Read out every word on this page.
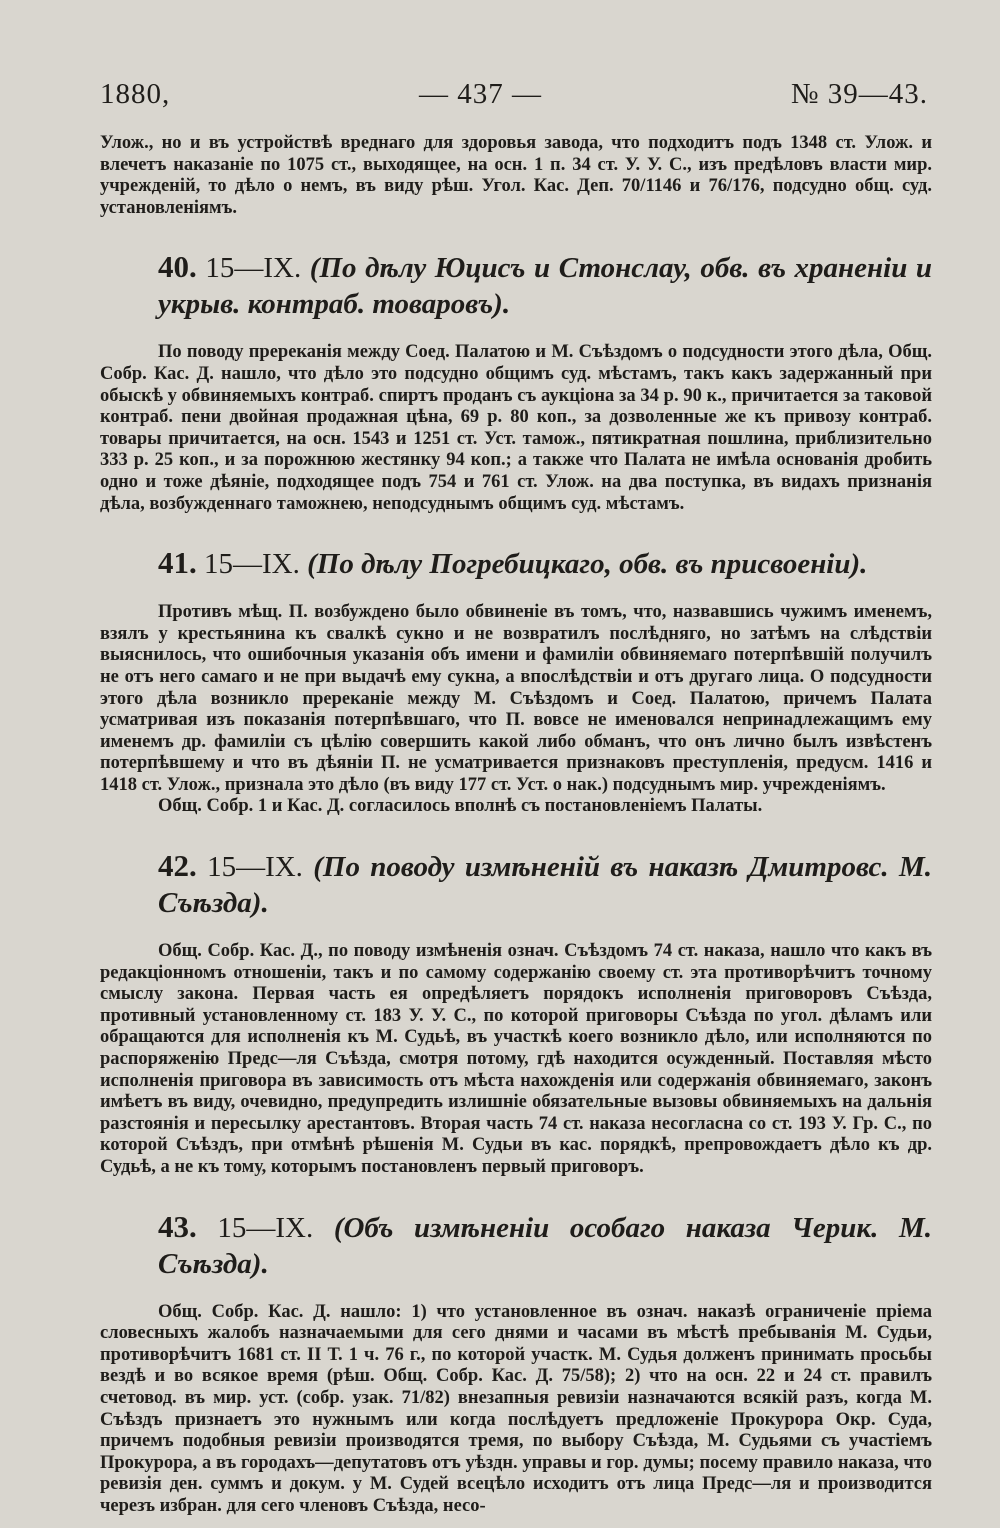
1880,	— 437 —	№ 39—43.

Улож., но и въ устройствѣ вреднаго для здоровья завода, что подходитъ подъ 1348 ст. Улож. и влечетъ наказаніе по 1075 ст., выходящее, на осн. 1 п. 34 ст. У. У. С., изъ предѣловъ власти мир. учрежденій, то дѣло о немъ, въ виду рѣш. Угол. Кас. Деп. 70/1146 и 76/176, подсудно общ. суд. установленіямъ.

40. 15—IX. (По дѣлу Юцисъ и Стонслау, обв. въ храненіи и укрыв. контраб. товаровъ).

По поводу пререканія между Соед. Палатою и М. Съѣздомъ о подсудности этого дѣла, Общ. Собр. Кас. Д. нашло, что дѣло это подсудно общимъ суд. мѣстамъ, такъ какъ задержанный при обыскѣ у обвиняемыхъ контраб. спиртъ проданъ съ аукціона за 34 р. 90 к., причитается за таковой контраб. пени двойная продажная цѣна, 69 р. 80 коп., за дозволенные же къ привозу контраб. товары причитается, на осн. 1543 и 1251 ст. Уст. тамож., пятикратная пошлина, приблизительно 333 р. 25 коп., и за порожнюю жестянку 94 коп.; а также что Палата не имѣла основанія дробить одно и тоже дѣяніе, подходящее подъ 754 и 761 ст. Улож. на два поступка, въ видахъ признанія дѣла, возбужденнаго таможнею, неподсуднымъ общимъ суд. мѣстамъ.

41. 15—IX. (По дѣлу Погребицкаго, обв. въ присвоеніи).

Противъ мѣщ. П. возбуждено было обвиненіе въ томъ, что, назвавшись чужимъ именемъ, взялъ у крестьянина къ свалкѣ сукно и не возвратилъ послѣдняго, но затѣмъ на слѣдствіи выяснилось, что ошибочныя указанія объ имени и фамиліи обвиняемаго потерпѣвшій получилъ не отъ него самаго и не при выдачѣ ему сукна, а впослѣдствіи и отъ другаго лица. О подсудности этого дѣла возникло пререканіе между М. Съѣздомъ и Соед. Палатою, причемъ Палата усматривая изъ показанія потерпѣвшаго, что П. вовсе не именовался непринадлежащимъ ему именемъ др. фамиліи съ цѣлію совершить какой либо обманъ, что онъ лично былъ извѣстенъ потерпѣвшему и что въ дѣяніи П. не усматривается признаковъ преступленія, предусм. 1416 и 1418 ст. Улож., признала это дѣло (въ виду 177 ст. Уст. о нак.) подсуднымъ мир. учрежденіямъ.

Общ. Собр. 1 и Кас. Д. согласилось вполнѣ съ постановленіемъ Палаты.

42. 15—IX. (По поводу измѣненій въ наказѣ Дмитровс. М. Съѣзда).

Общ. Собр. Кас. Д., по поводу измѣненія означ. Съѣздомъ 74 ст. наказа, нашло что какъ въ редакціонномъ отношеніи, такъ и по самому содержанію своему ст. эта противорѣчитъ точному смыслу закона. Первая часть ея опредѣляетъ порядокъ исполненія приговоровъ Съѣзда, противный установленному ст. 183 У. У. С., по которой приговоры Съѣзда по угол. дѣламъ или обращаются для исполненія къ М. Судьѣ, въ участкѣ коего возникло дѣло, или исполняются по распоряженію Предс—ля Съѣзда, смотря потому, гдѣ находится осужденный. Поставляя мѣсто исполненія приговора въ зависимость отъ мѣста нахожденія или содержанія обвиняемаго, законъ имѣетъ въ виду, очевидно, предупредить излишніе обязательные вызовы обвиняемыхъ на дальнія разстоянія и пересылку арестантовъ. Вторая часть 74 ст. наказа несогласна со ст. 193 У. Гр. С., по которой Съѣздъ, при отмѣнѣ рѣшенія М. Судьи въ кас. порядкѣ, препровождаетъ дѣло къ др. Судьѣ, а не къ тому, которымъ постановленъ первый приговоръ.

43. 15—IX. (Объ измѣненіи особаго наказа Черик. М. Съѣзда).

Общ. Собр. Кас. Д. нашло: 1) что установленное въ означ. наказѣ ограниченіе пріема словесныхъ жалобъ назначаемыми для сего днями и часами въ мѣстѣ пребыванія М. Судьи, противорѣчитъ 1681 ст. II Т. 1 ч. 76 г., по которой участк. М. Судья долженъ принимать просьбы вездѣ и во всякое время (рѣш. Общ. Собр. Кас. Д. 75/58); 2) что на осн. 22 и 24 ст. правилъ счетовод. въ мир. уст. (собр. узак. 71/82) внезапныя ревизіи назначаются всякій разъ, когда М. Съѣздъ признаетъ это нужнымъ или когда послѣдуетъ предложеніе Прокурора Окр. Суда, причемъ подобныя ревизіи производятся тремя, по выбору Съѣзда, М. Судьями съ участіемъ Прокурора, а въ городахъ—депутатовъ отъ уѣздн. управы и гор. думы; посему правило наказа, что ревизія ден. суммъ и докум. у М. Судей всецѣло исходитъ отъ лица Предс—ля и производится черезъ избран. для сего членовъ Съѣзда, несо-
